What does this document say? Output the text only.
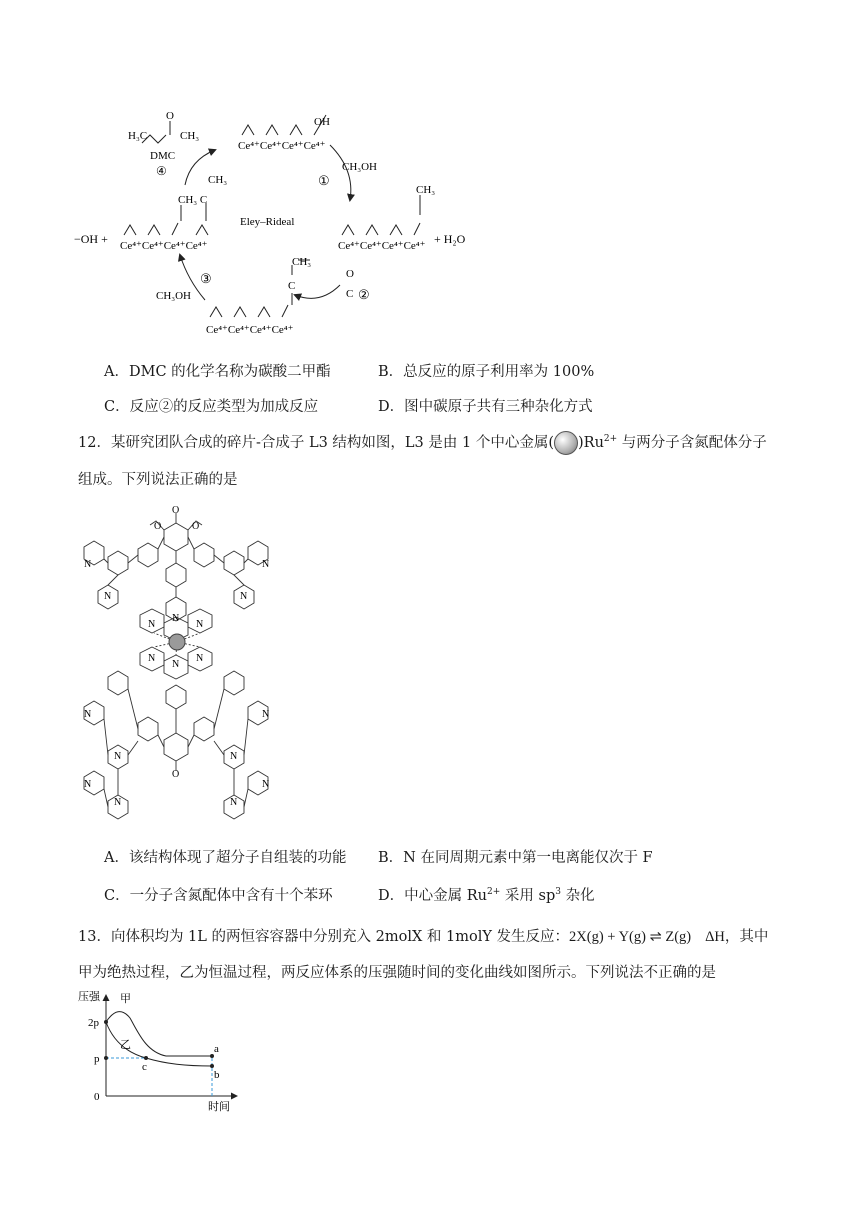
Ce⁴⁺Ce⁴⁺Ce⁴⁺Ce⁴⁺
OH
H₃C
O
CH₃
DMC
④
①
CH₃OH
CH₃
Ce⁴⁺Ce⁴⁺Ce⁴⁺Ce⁴⁺ + H₂O
Eley–Rideal
CH₃
CH₃ C
−OH + Ce⁴⁺Ce⁴⁺Ce⁴⁺Ce⁴⁺
③
CH₃OH
CH₃
C
Ce⁴⁺Ce⁴⁺Ce⁴⁺Ce⁴⁺
O
C ②
A．DMC 的化学名称为碳酸二甲酯	B．总反应的原子利用率为 100%
C．反应②的反应类型为加成反应	D．图中碳原子共有三种杂化方式
12．某研究团队合成的碎片-合成子 L3 结构如图，L3 是由 1 个中心金属( )$Ru^{2+}$ 与两分子含氮配体分子
组成。下列说法正确的是
N	N
N
N	N
N
N	N
N	N
N	N
N	N
N	N
N	N
O
O	O
O
A．该结构体现了超分子自组装的功能 B．N 在同周期元素中第一电离能仅次于 F
C．一分子含氮配体中含有十个苯环	D．中心金属 $Ru^{2+}$ 采用 $sp^3$ 杂化
13．向体积均为 1L 的两恒容容器中分别充入 2molX 和 1molY 发生反应：2X(g) + Y(g) ⇌ Z(g) ΔH，其中
甲为绝热过程，乙为恒温过程，两反应体系的压强随时间的变化曲线如图所示。下列说法不正确的是
压强 甲
乙
2p
p
0
a
b
c
时间
